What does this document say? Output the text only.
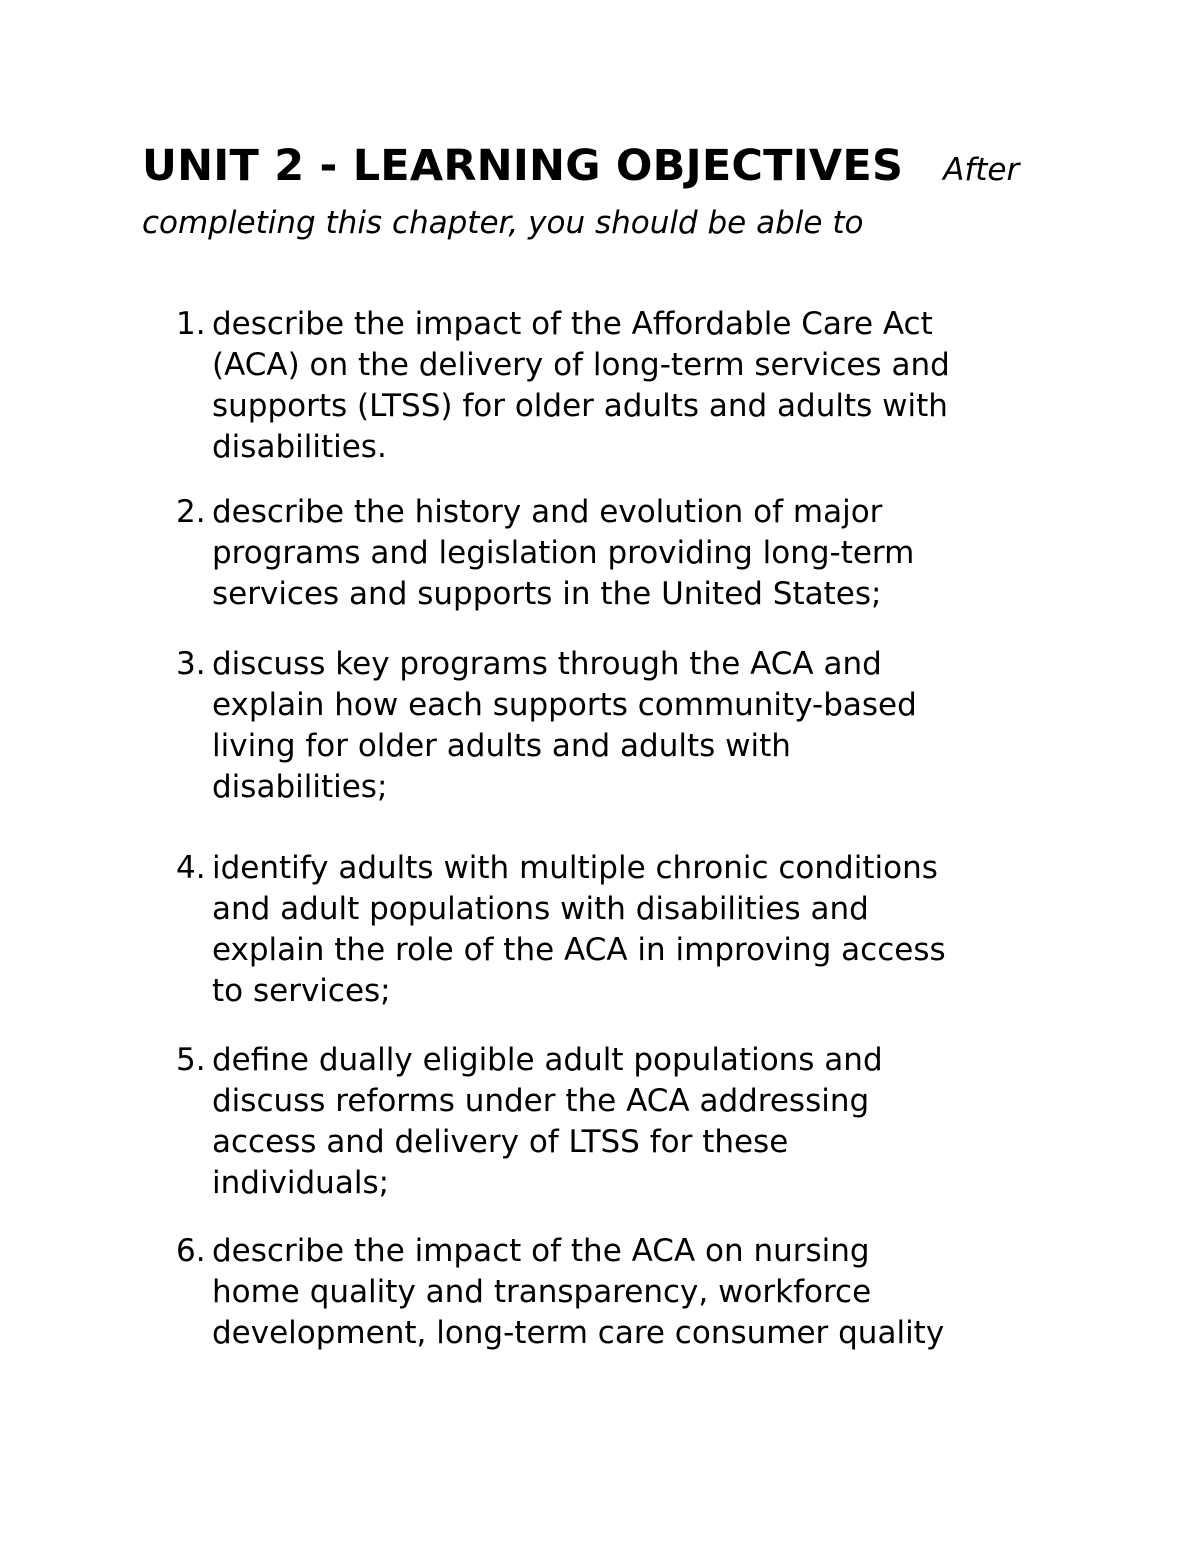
UNIT 2 - LEARNING OBJECTIVES After
completing this chapter, you should be able to
1. describe the impact of the Affordable Care Act
(ACA) on the delivery of long-term services and
supports (LTSS) for older adults and adults with
disabilities.
2. describe the history and evolution of major
programs and legislation providing long-term
services and supports in the United States;
3. discuss key programs through the ACA and
explain how each supports community-based
living for older adults and adults with
disabilities;
4. identify adults with multiple chronic conditions
and adult populations with disabilities and
explain the role of the ACA in improving access
to services;
5. define dually eligible adult populations and
discuss reforms under the ACA addressing
access and delivery of LTSS for these
individuals;
6. describe the impact of the ACA on nursing
home quality and transparency, workforce
development, long-term care consumer quality
